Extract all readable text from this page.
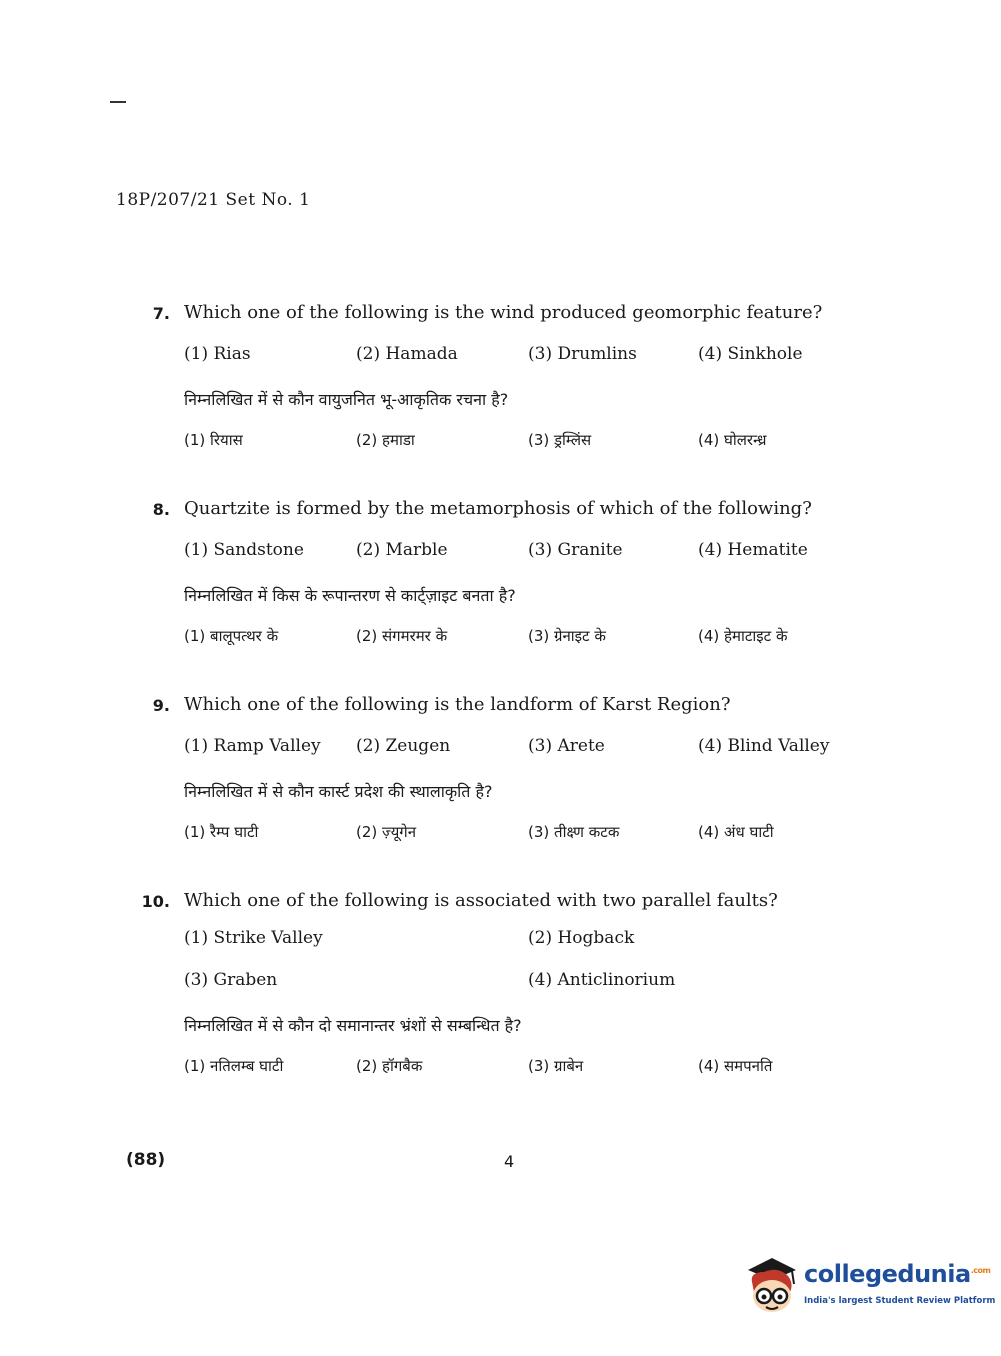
18P/207/21 Set No. 1
7. Which one of the following is the wind produced geomorphic feature?
(1) Rias	(2) Hamada	(3) Drumlins	(4) Sinkhole
निम्नलिखित में से कौन वायुजनित भू-आकृतिक रचना है?
(1) रियास	(2) हमाडा	(3) ड्रम्लिंस	(4) घोलरन्ध्र
8. Quartzite is formed by the metamorphosis of which of the following?
(1) Sandstone	(2) Marble	(3) Granite	(4) Hematite
निम्नलिखित में किस के रूपान्तरण से कार्ट्ज़ाइट बनता है?
(1) बालूपत्थर के	(2) संगमरमर के	(3) ग्रेनाइट के	(4) हेमाटाइट के
9. Which one of the following is the landform of Karst Region?
(1) Ramp Valley (2) Zeugen	(3) Arete	(4) Blind Valley
निम्नलिखित में से कौन कार्स्ट प्रदेश की स्थालाकृति है?
(1) रैम्प घाटी	(2) ज़्यूगेन	(3) तीक्ष्ण कटक	(4) अंध घाटी
10. Which one of the following is associated with two parallel faults?
(1) Strike Valley	(2) Hogback
(3) Graben	(4) Anticlinorium
निम्नलिखित में से कौन दो समानान्तर भ्रंशों से सम्बन्धित है?
(1) नतिलम्ब घाटी	(2) हॉगबैक	(3) ग्राबेन	(4) समपनति
(88)	4
collegedunia$^{.com}$
India's largest Student Review Platform
